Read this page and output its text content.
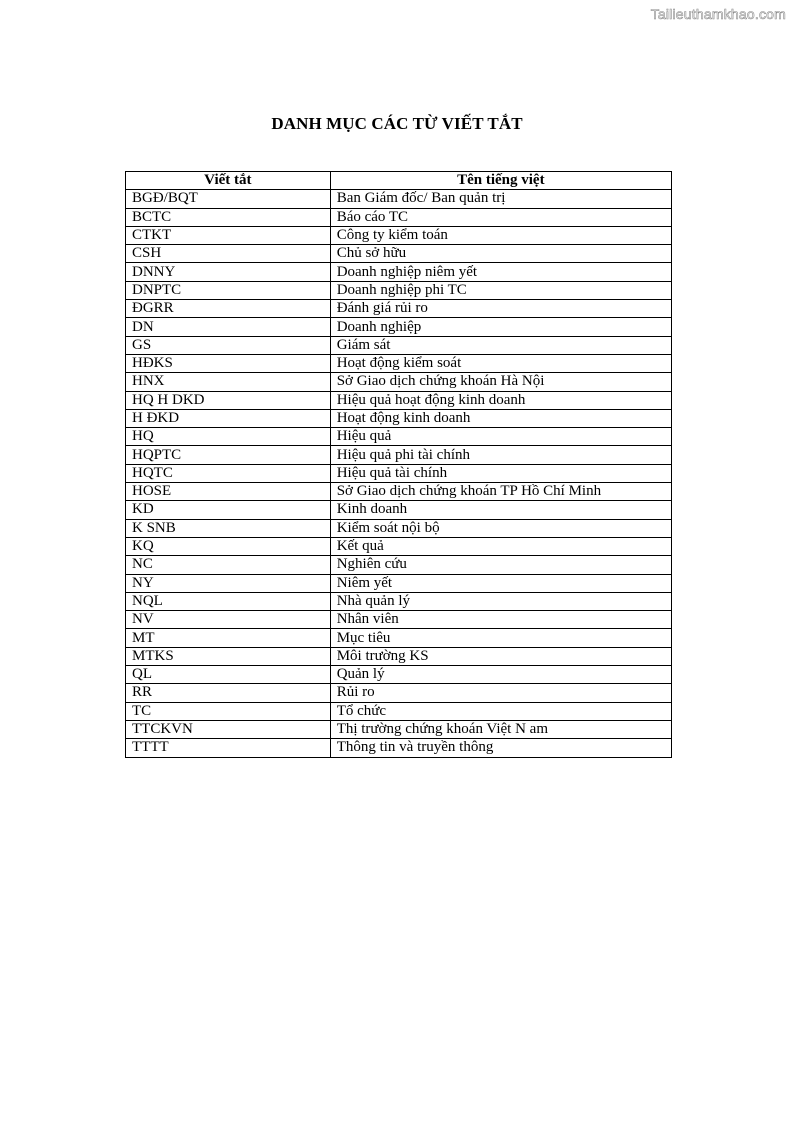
Tailieuthamkhao.com
DANH MỤC CÁC TỪ VIẾT TẮT
Viết tắt	Tên tiếng việt
BGĐ/BQT	Ban Giám đốc/ Ban quản trị
BCTC	Báo cáo TC
CTKT	Công ty kiểm toán
CSH	Chủ sở hữu
DNNY	Doanh nghiệp niêm yết
DNPTC	Doanh nghiệp phi TC
ĐGRR	Đánh giá rủi ro
DN	Doanh nghiệp
GS	Giám sát
HĐKS	Hoạt động kiểm soát
HNX	Sở Giao dịch chứng khoán Hà Nội
HQ H DKD	Hiệu quả hoạt động kinh doanh
H ĐKD	Hoạt động kinh doanh
HQ	Hiệu quả
HQPTC	Hiệu quả phi tài chính
HQTC	Hiệu quả tài chính
HOSE	Sở Giao dịch chứng khoán TP Hồ Chí Minh
KD	Kinh doanh
K SNB	Kiểm soát nội bộ
KQ	Kết quả
NC	Nghiên cứu
NY	Niêm yết
NQL	Nhà quản lý
NV	Nhân viên
MT	Mục tiêu
MTKS	Môi trường KS
QL	Quản lý
RR	Rủi ro
TC	Tổ chức
TTCKVN	Thị trường chứng khoán Việt N am
TTTT	Thông tin và truyền thông
